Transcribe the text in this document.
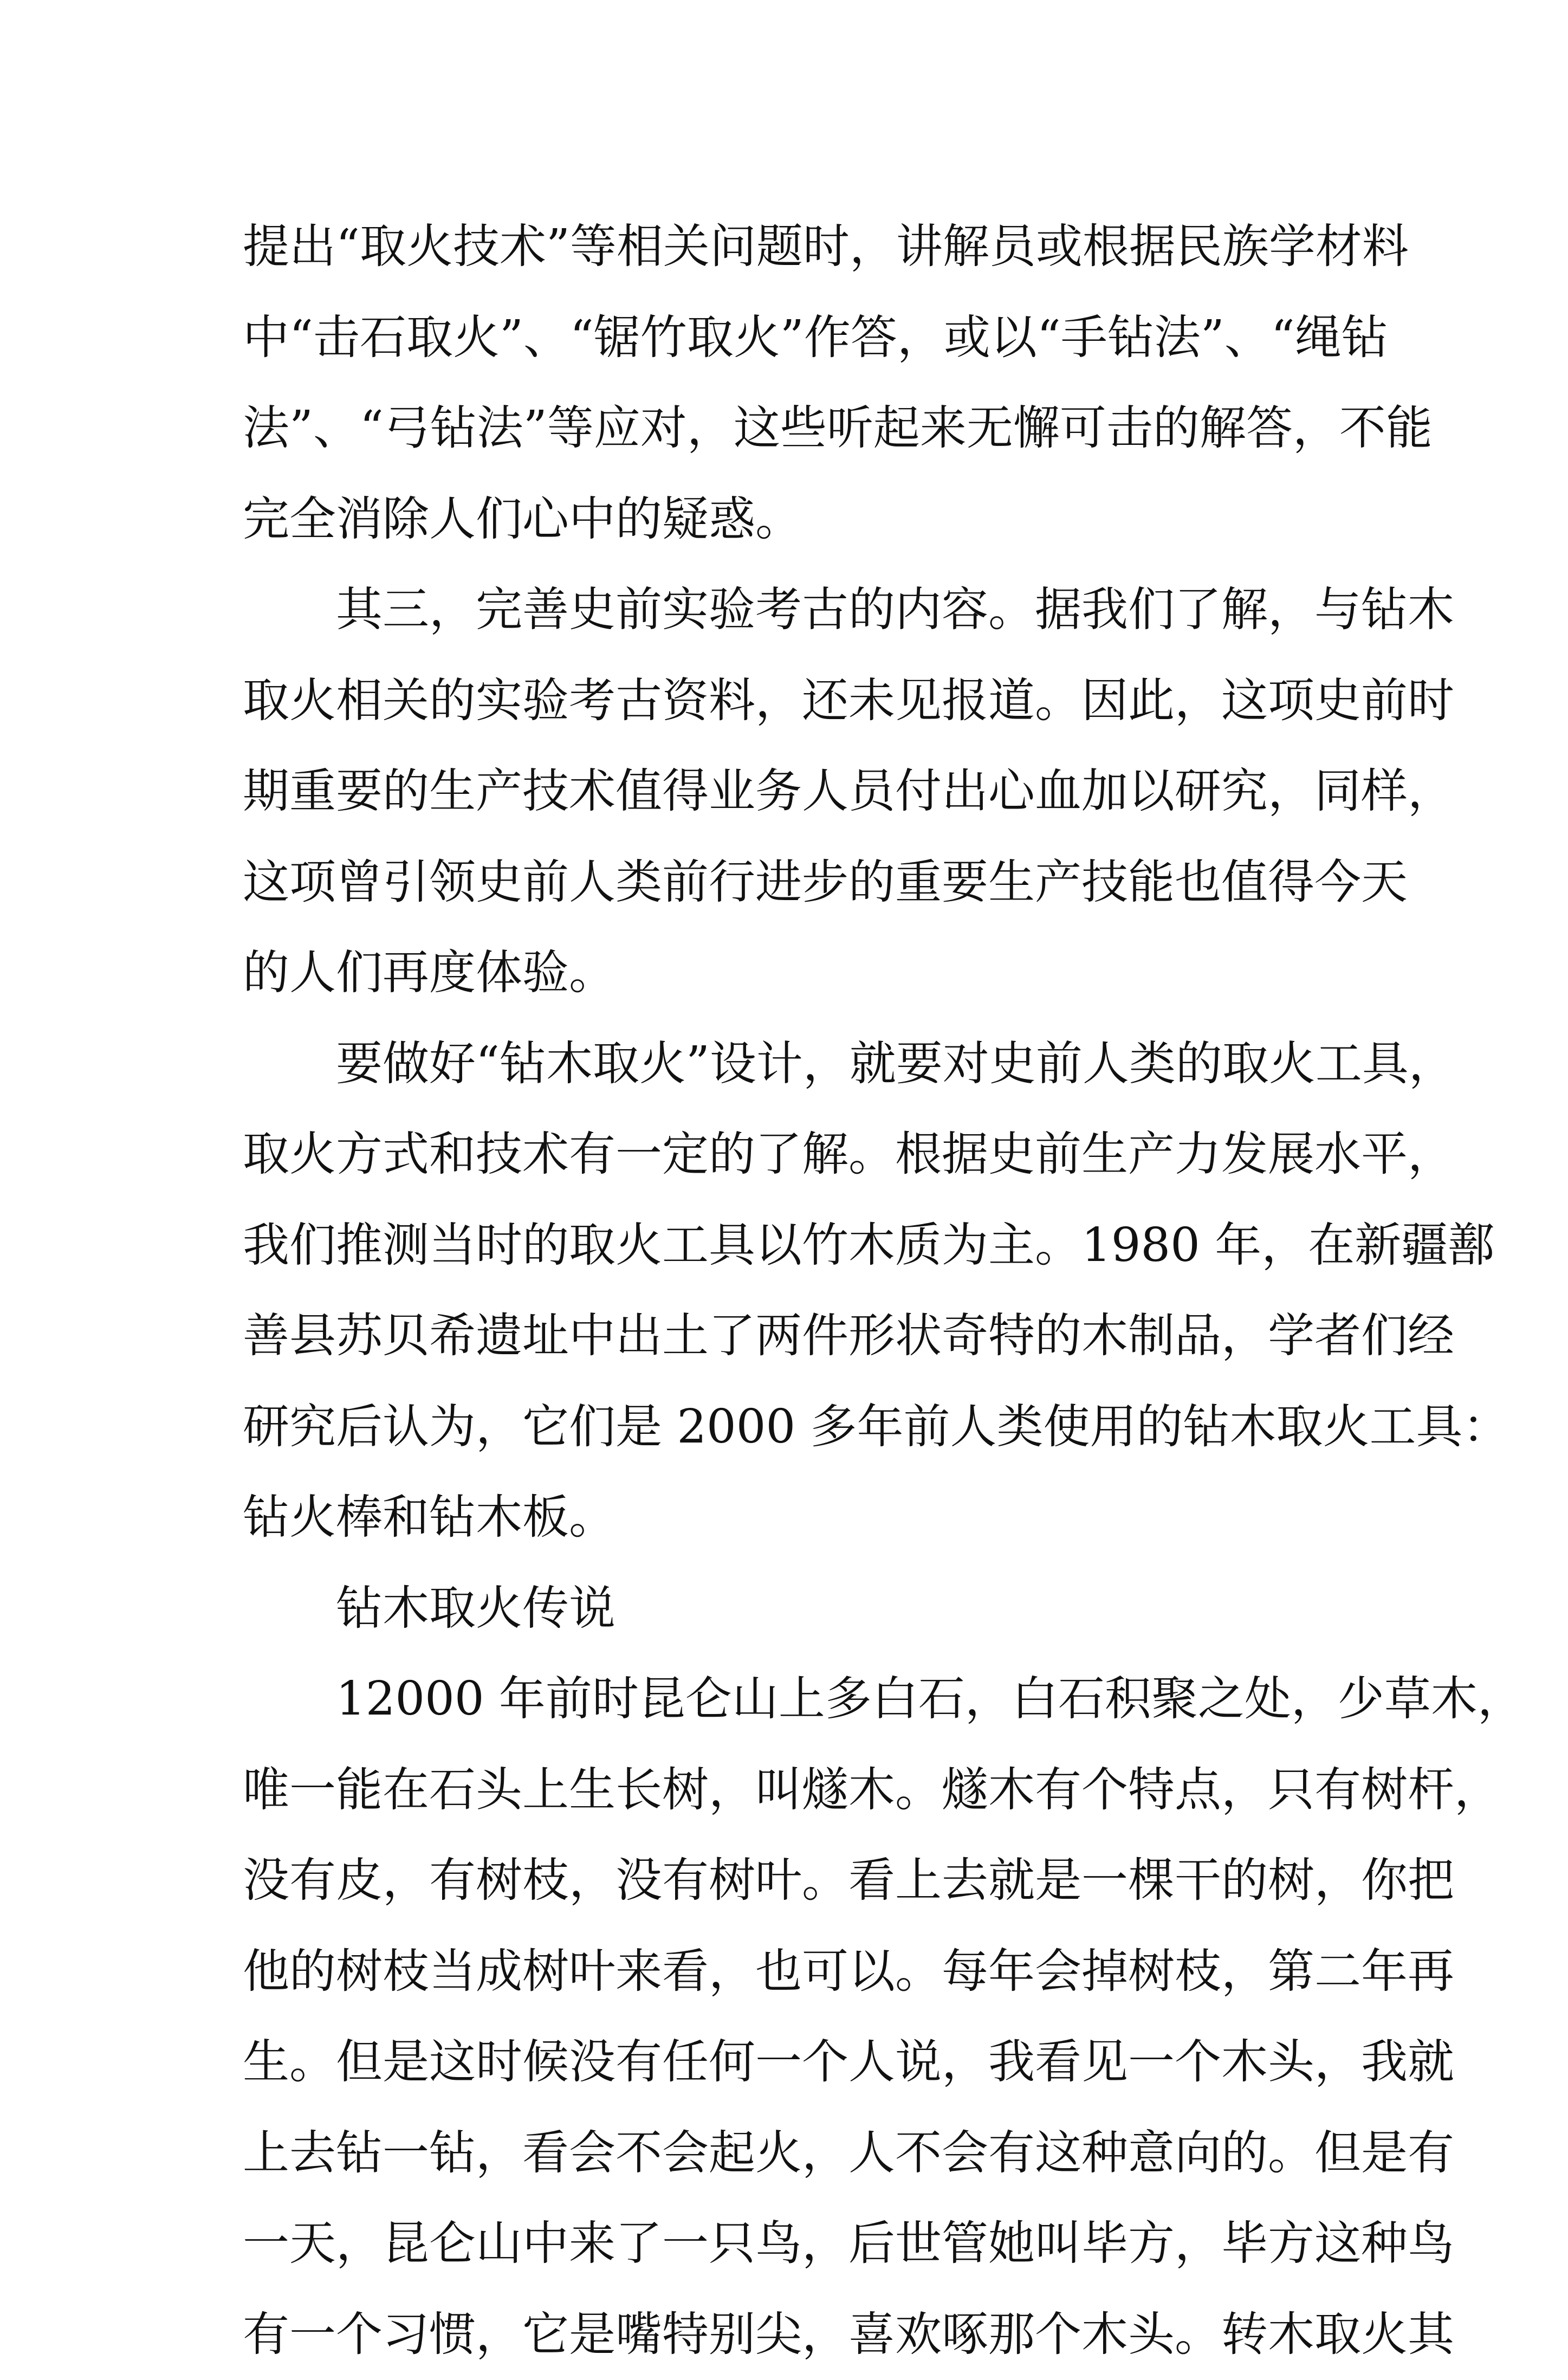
提出“取火技术”等相关问题时，讲解员或根据民族学材料
中“击石取火”、“锯竹取火”作答，或以“手钻法”、“绳钻
法”、“弓钻法”等应对，这些听起来无懈可击的解答，不能
完全消除人们心中的疑惑。
其三，完善史前实验考古的内容。据我们了解，与钻木
取火相关的实验考古资料，还未见报道。因此，这项史前时
期重要的生产技术值得业务人员付出心血加以研究，同样，
这项曾引领史前人类前行进步的重要生产技能也值得今天
的人们再度体验。
要做好“钻木取火”设计，就要对史前人类的取火工具，
取火方式和技术有一定的了解。根据史前生产力发展水平，
我们推测当时的取火工具以竹木质为主。1980 年，在新疆鄯
善县苏贝希遗址中出土了两件形状奇特的木制品，学者们经
研究后认为，它们是 2000 多年前人类使用的钻木取火工具：
钻火棒和钻木板。
钻木取火传说
12000 年前时昆仑山上多白石，白石积聚之处，少草木，
唯一能在石头上生长树，叫燧木。燧木有个特点，只有树杆，
没有皮，有树枝，没有树叶。看上去就是一棵干的树，你把
他的树枝当成树叶来看，也可以。每年会掉树枝，第二年再
生。但是这时候没有任何一个人说，我看见一个木头，我就
上去钻一钻，看会不会起火，人不会有这种意向的。但是有
一天，昆仑山中来了一只鸟，后世管她叫毕方，毕方这种鸟
有一个习惯，它是嘴特别尖，喜欢啄那个木头。转木取火其
